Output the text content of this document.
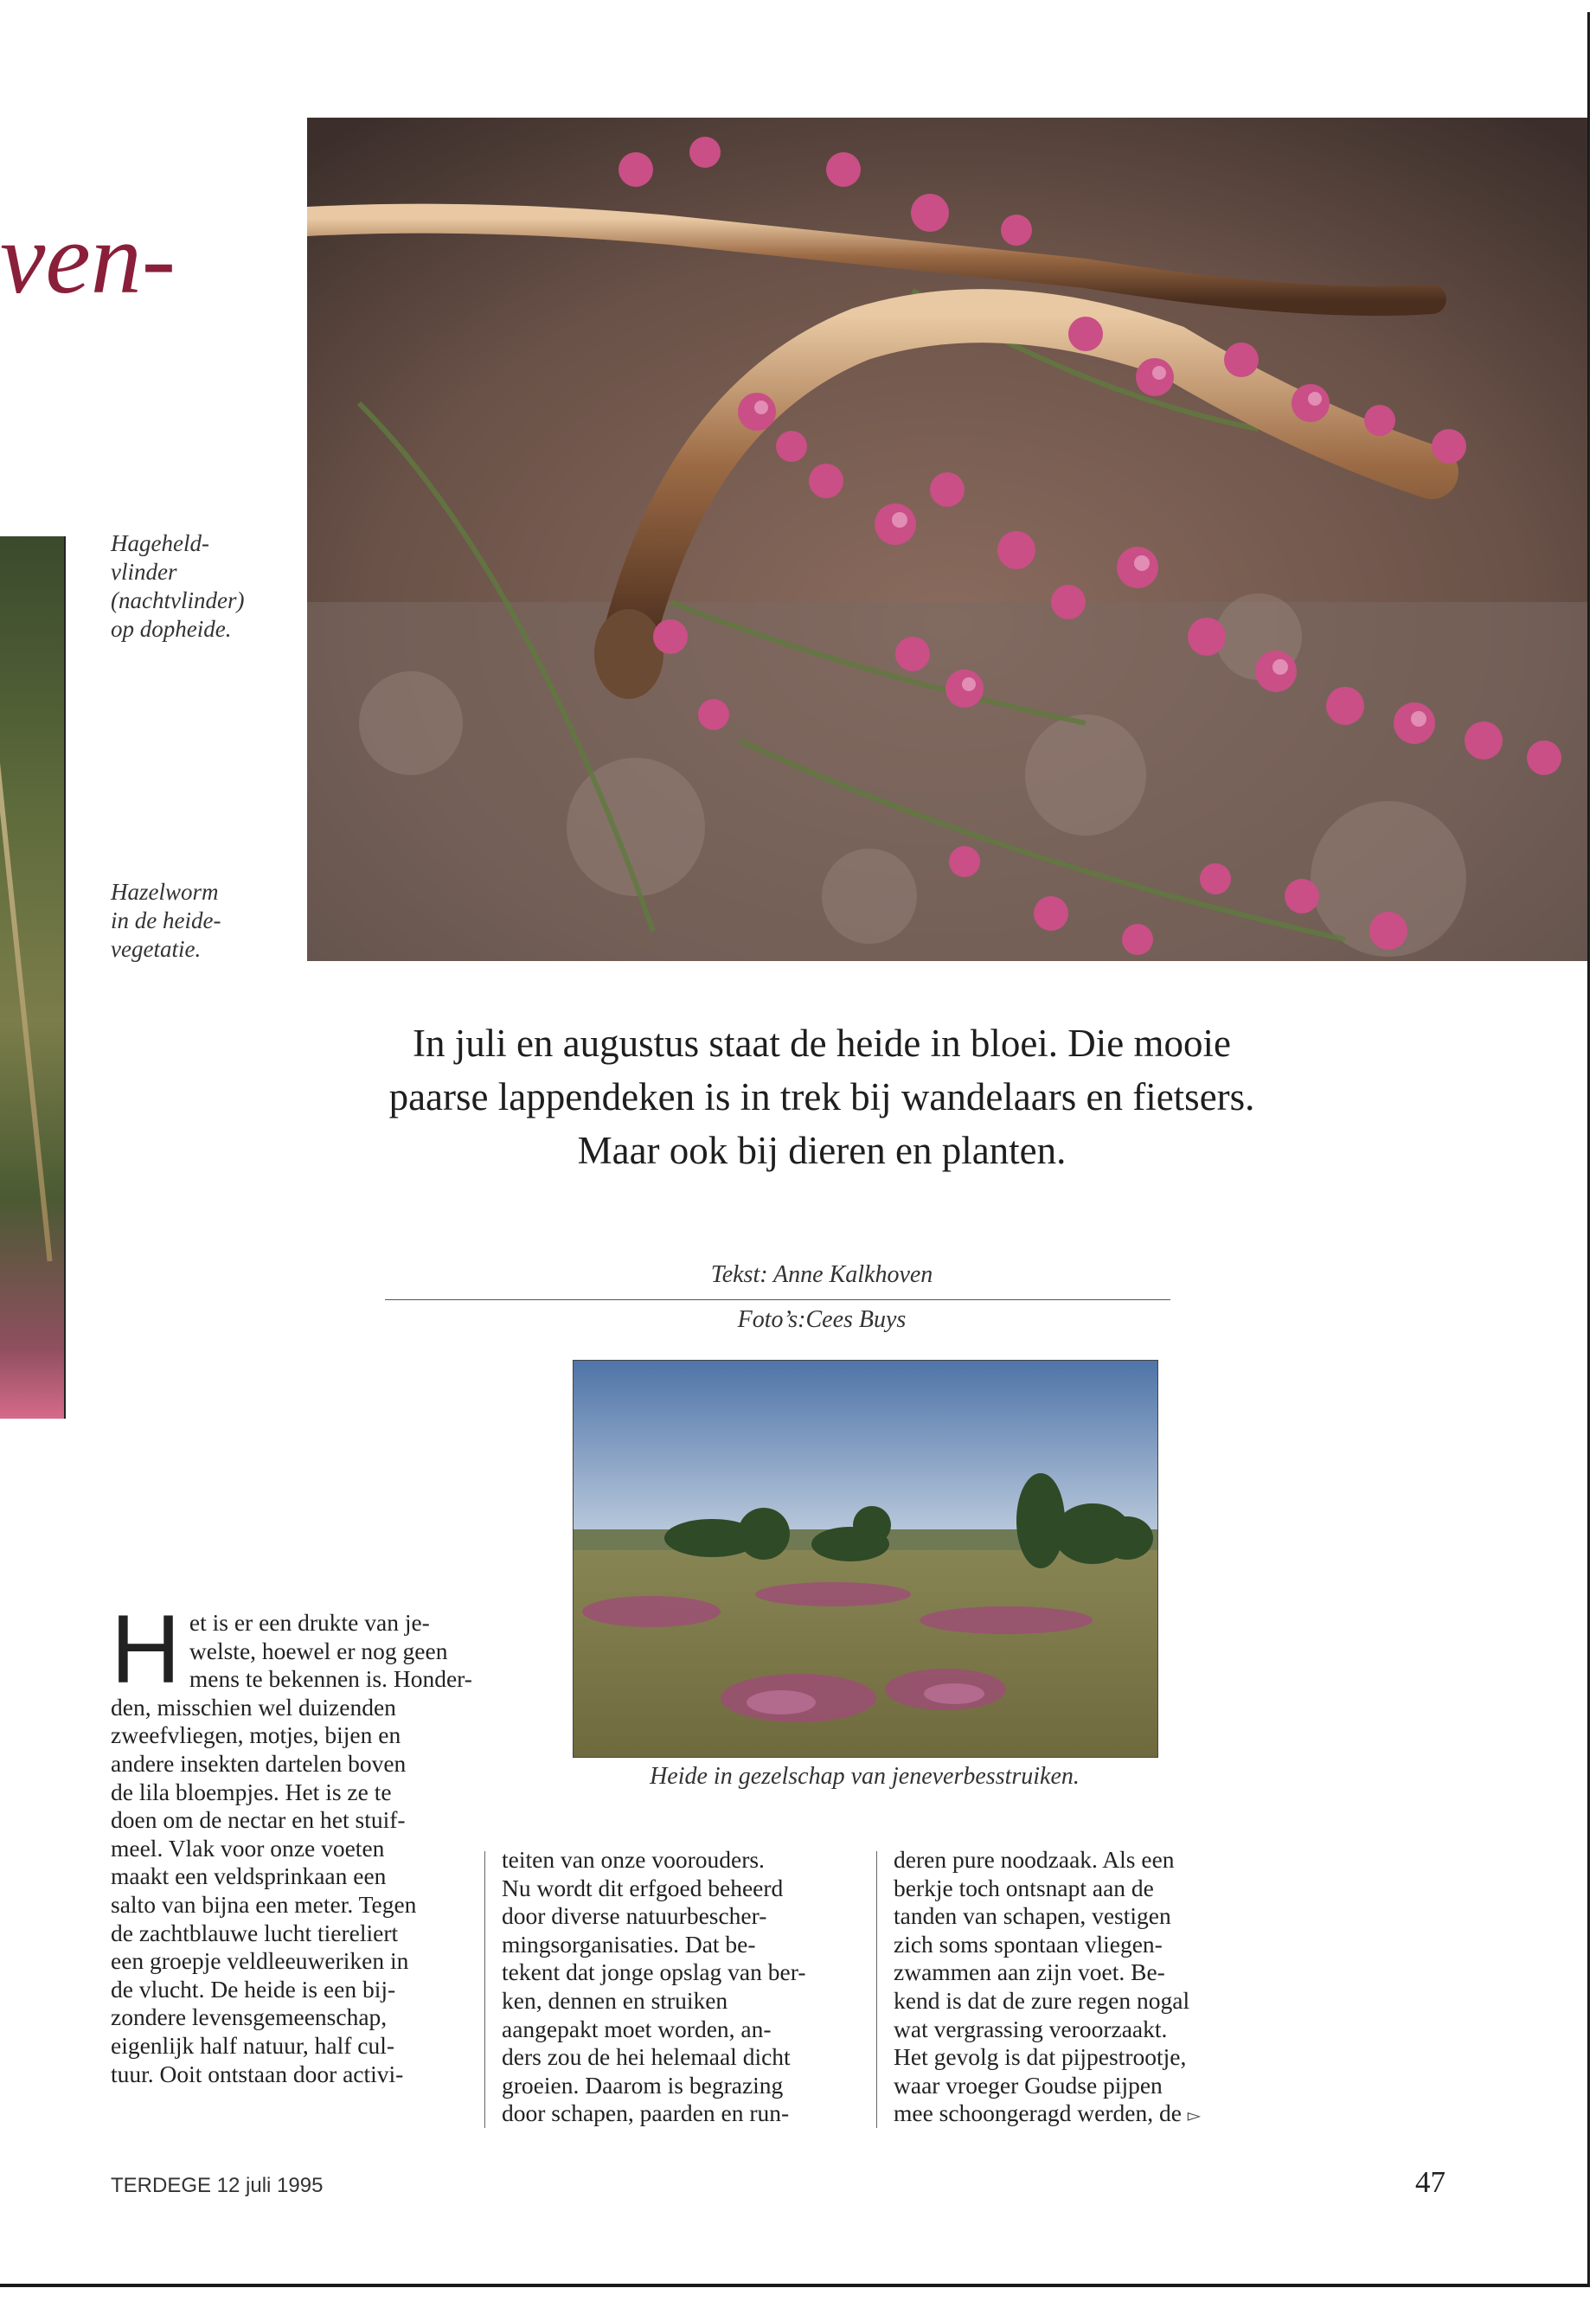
ven-
Hageheld-
vlinder
(nachtvlinder)
op dopheide.
Hazelworm
in de heide-
vegetatie.
In juli en augustus staat de heide in bloei. Die mooie paarse lappendeken is in trek bij wandelaars en fietsers. Maar ook bij dieren en planten.
Tekst: Anne Kalkhoven
Foto’s:Cees Buys
Heide in gezelschap van jeneverbesstruiken.
Het is er een drukte van je-
welste, hoewel er nog geen
mens te bekennen is. Honder-
den, misschien wel duizenden
zweefvliegen, motjes, bijen en
andere insekten dartelen boven
de lila bloempjes. Het is ze te
doen om de nectar en het stuif-
meel. Vlak voor onze voeten
maakt een veldsprinkaan een
salto van bijna een meter. Tegen
de zachtblauwe lucht tiereliert
een groepje veldleeuweriken in
de vlucht. De heide is een bij-
zondere levensgemeenschap,
eigenlijk half natuur, half cul-
tuur. Ooit ontstaan door activi-
teiten van onze voorouders.
Nu wordt dit erfgoed beheerd
door diverse natuurbescher-
mingsorganisaties. Dat be-
tekent dat jonge opslag van ber-
ken, dennen en struiken
aangepakt moet worden, an-
ders zou de hei helemaal dicht
groeien. Daarom is begrazing
door schapen, paarden en run-
deren pure noodzaak. Als een
berkje toch ontsnapt aan de
tanden van schapen, vestigen
zich soms spontaan vliegen-
zwammen aan zijn voet. Be-
kend is dat de zure regen nogal
wat vergrassing veroorzaakt.
Het gevolg is dat pijpestrootje,
waar vroeger Goudse pijpen
mee schoongeragd werden, de ▻
TERDEGE 12 juli 1995	47
